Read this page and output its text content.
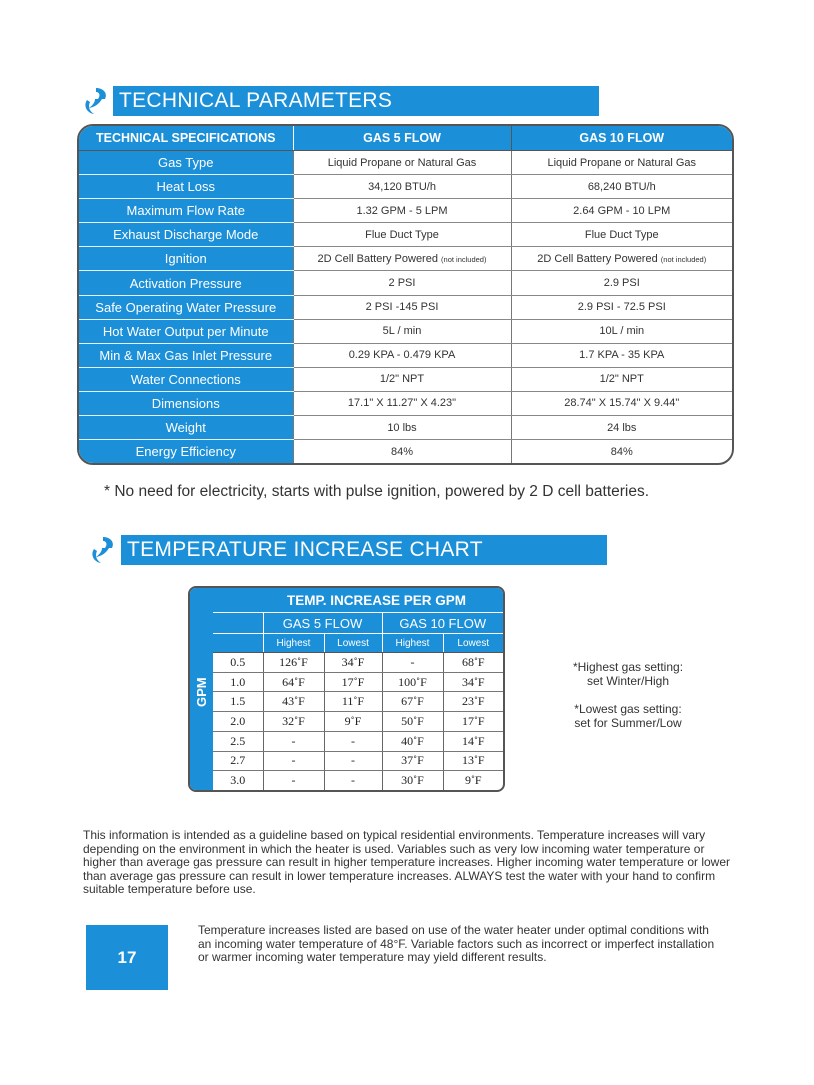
TECHNICAL PARAMETERS
TECHNICAL SPECIFICATIONS	GAS 5 FLOW	GAS 10 FLOW
Gas Type	Liquid Propane or Natural Gas	Liquid Propane or Natural Gas
Heat Loss	34,120 BTU/h	68,240 BTU/h
Maximum Flow Rate	1.32 GPM - 5 LPM	2.64 GPM - 10 LPM
Exhaust Discharge Mode	Flue Duct Type	Flue Duct Type
Ignition	2D Cell Battery Powered (not included)	2D Cell Battery Powered (not included)
Activation Pressure	2 PSI	2.9 PSI
Safe Operating Water Pressure	2 PSI -145 PSI	2.9 PSI - 72.5 PSI
Hot Water Output per Minute	5L / min	10L / min
Min & Max Gas Inlet Pressure	0.29 KPA - 0.479 KPA	1.7 KPA - 35 KPA
Water Connections	1/2" NPT	1/2" NPT
Dimensions	17.1" X 11.27" X 4.23"	28.74" X 15.74" X 9.44"
Weight	10 lbs	24 lbs
Energy Efficiency	84%	84%
* No need for electricity, starts with pulse ignition, powered by 2 D cell batteries.
TEMPERATURE INCREASE CHART
GPM
	TEMP. INCREASE PER GPM			
	GAS 5 FLOW		GAS 10 FLOW	
	Highest	Lowest	Highest	Lowest
0.5	126˚F	34˚F	-	68˚F
1.0	64˚F	17˚F	100˚F	34˚F
1.5	43˚F	11˚F	67˚F	23˚F
2.0	32˚F	9˚F	50˚F	17˚F
2.5	-	-	40˚F	14˚F
2.7	-	-	37˚F	13˚F
3.0	-	-	30˚F	9˚F
*Highest gas setting:
set Winter/High
*Lowest gas setting:
set for Summer/Low
This information is intended as a guideline based on typical residential environments. Temperature increases will vary depending on the environment in which the heater is used. Variables such as very low incoming water temperature or higher than average gas pressure can result in higher temperature increases. Higher incoming water temperature or lower than average gas pressure can result in lower temperature increases. ALWAYS test the water with your hand to confirm suitable temperature before use.
17
Temperature increases listed are based on use of the water heater under optimal conditions with an incoming water temperature of 48°F. Variable factors such as incorrect or imperfect installation or warmer incoming water temperature may yield different results.
